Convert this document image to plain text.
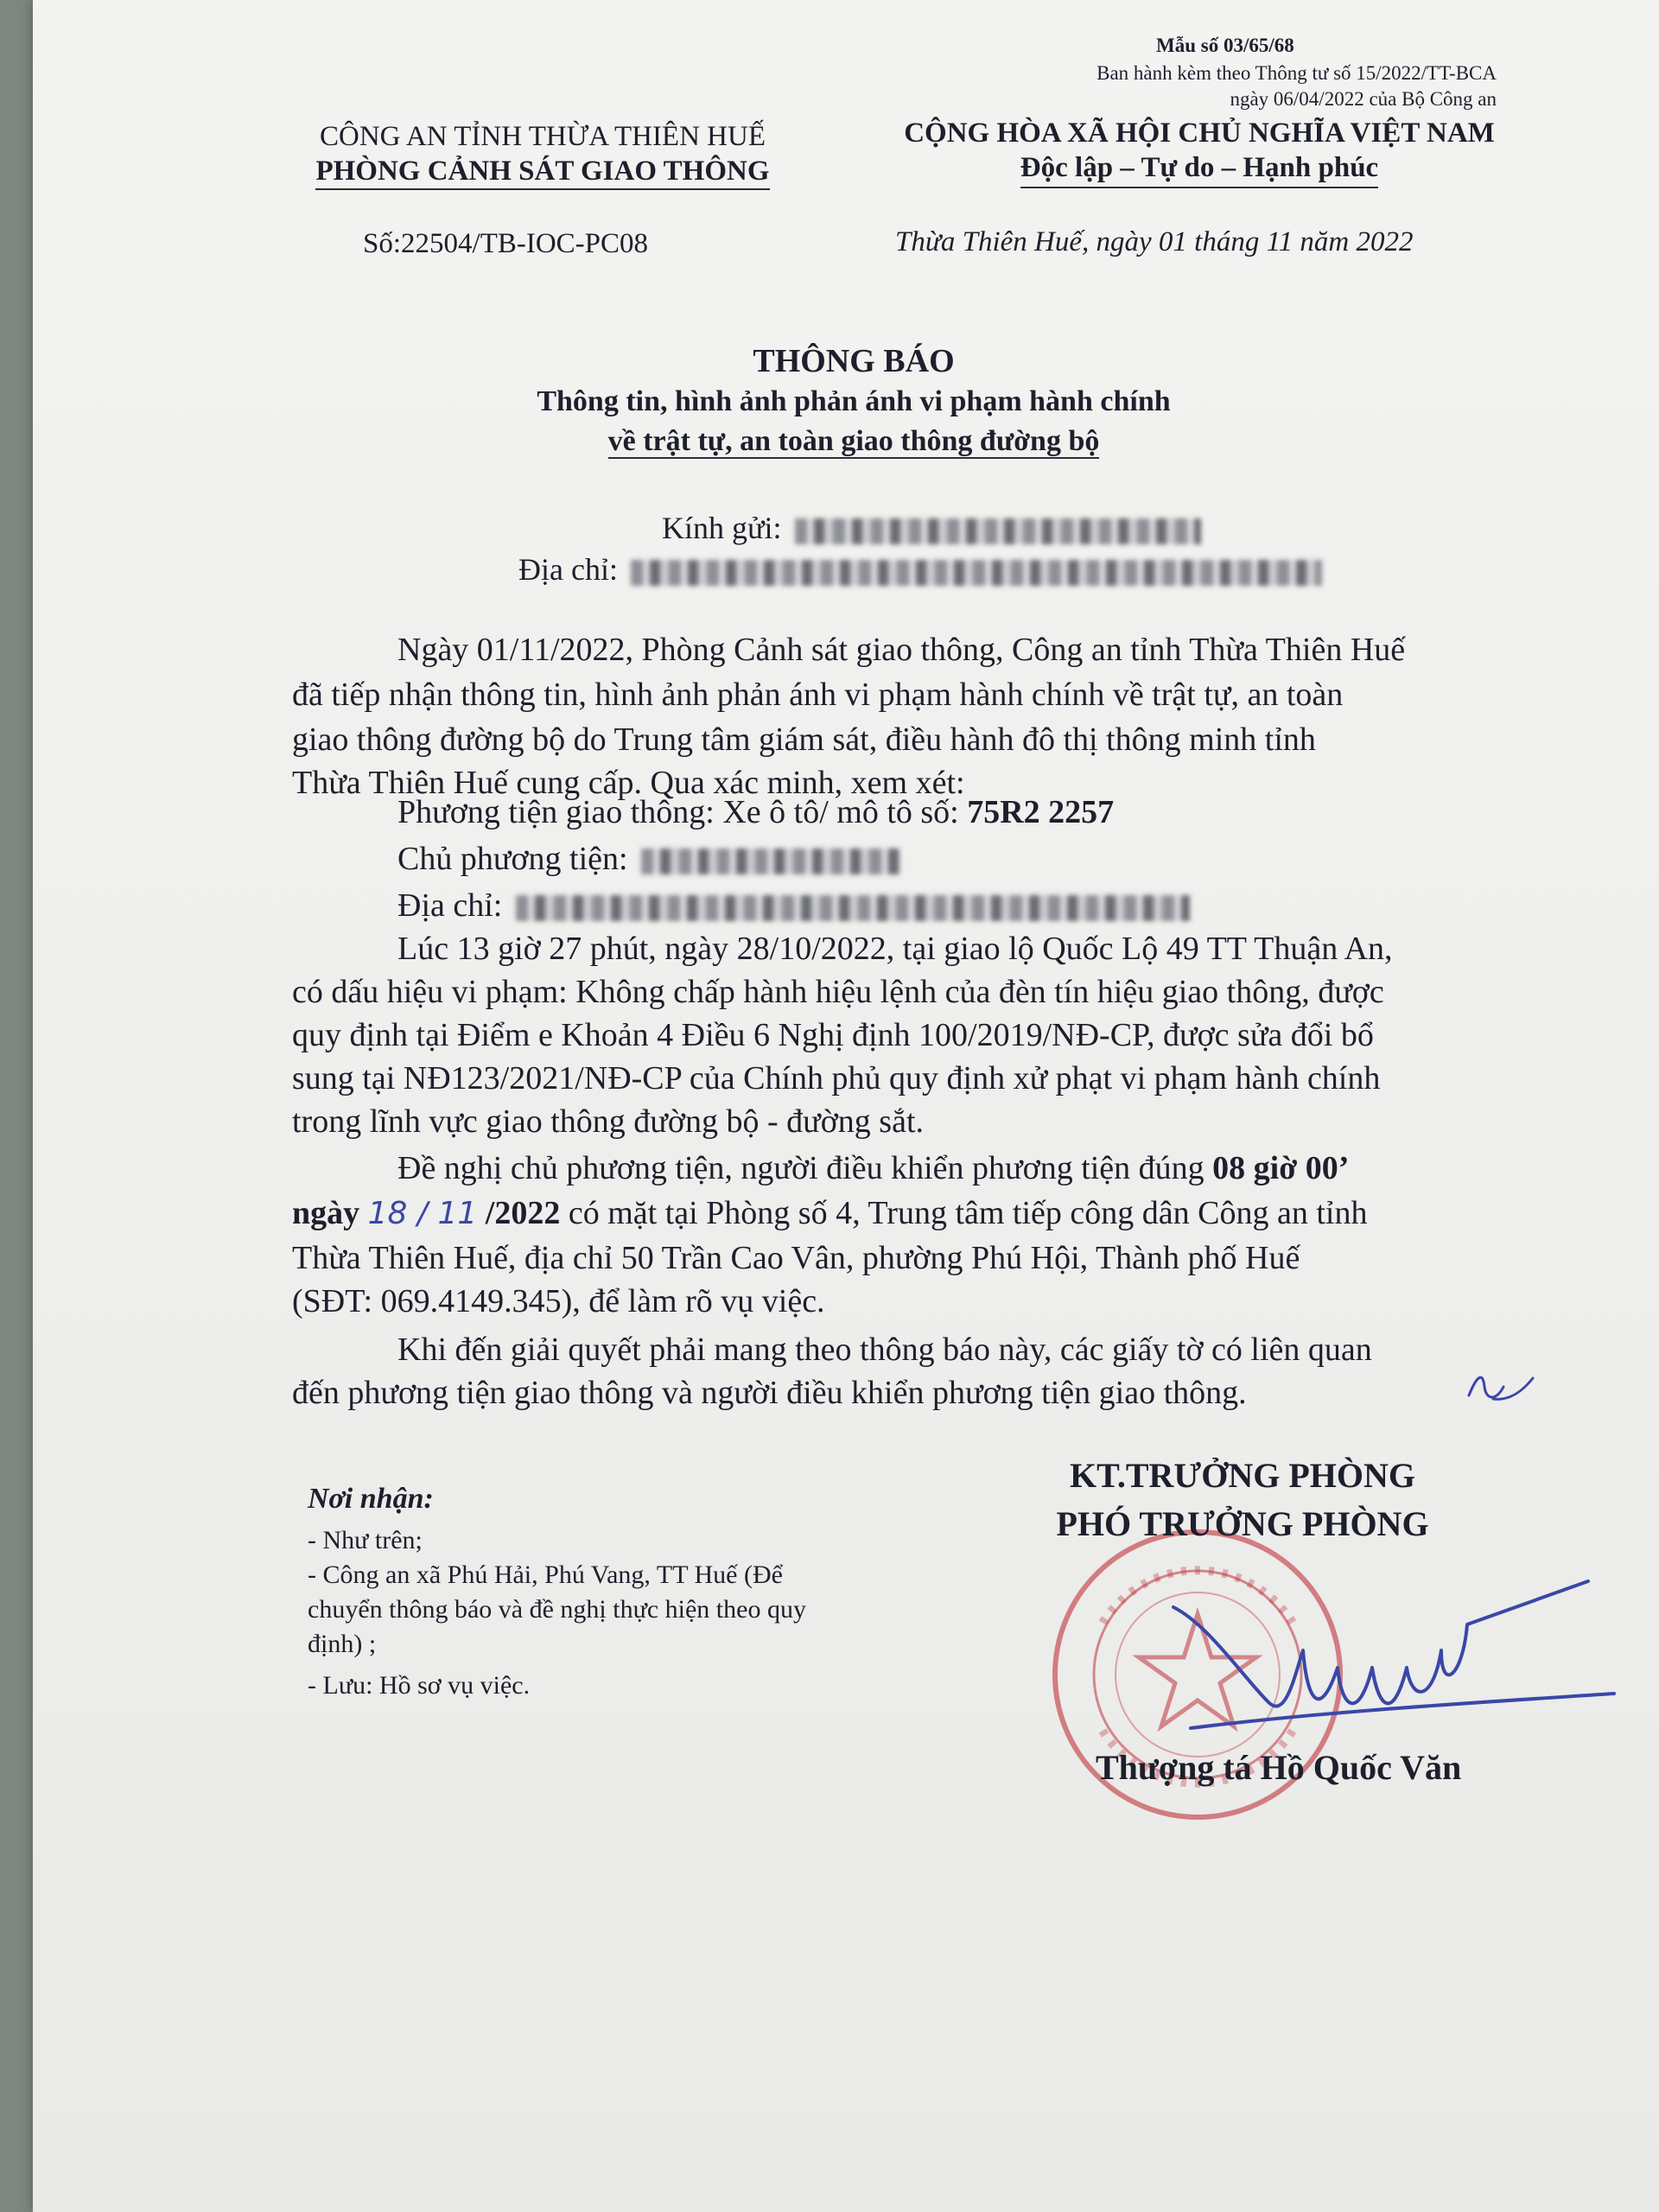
Mẫu số 03/65/68
Ban hành kèm theo Thông tư số 15/2022/TT-BCA
ngày 06/04/2022 của Bộ Công an
CÔNG AN TỈNH THỪA THIÊN HUẾ
PHÒNG CẢNH SÁT GIAO THÔNG
CỘNG HÒA XÃ HỘI CHỦ NGHĨA VIỆT NAM
Độc lập – Tự do – Hạnh phúc
Số:22504/TB-IOC-PC08	Thừa Thiên Huế, ngày 01 tháng 11 năm 2022
THÔNG BÁO
Thông tin, hình ảnh phản ánh vi phạm hành chính
về trật tự, an toàn giao thông đường bộ
Kính gửi:
Địa chỉ:
Ngày 01/11/2022, Phòng Cảnh sát giao thông, Công an tỉnh Thừa Thiên Huế
đã tiếp nhận thông tin, hình ảnh phản ánh vi phạm hành chính về trật tự, an toàn
giao thông đường bộ do Trung tâm giám sát, điều hành đô thị thông minh tỉnh
Thừa Thiên Huế cung cấp. Qua xác minh, xem xét:
Phương tiện giao thông: Xe ô tô/ mô tô số: 75R2 2257
Chủ phương tiện:
Địa chỉ:
Lúc 13 giờ 27 phút, ngày 28/10/2022, tại giao lộ Quốc Lộ 49 TT Thuận An,
có dấu hiệu vi phạm: Không chấp hành hiệu lệnh của đèn tín hiệu giao thông, được
quy định tại Điểm e Khoản 4 Điều 6 Nghị định 100/2019/NĐ-CP, được sửa đổi bổ
sung tại NĐ123/2021/NĐ-CP của Chính phủ quy định xử phạt vi phạm hành chính
trong lĩnh vực giao thông đường bộ - đường sắt.
Đề nghị chủ phương tiện, người điều khiển phương tiện đúng 08 giờ 00’
ngày 18 / 11 /2022 có mặt tại Phòng số 4, Trung tâm tiếp công dân Công an tỉnh
Thừa Thiên Huế, địa chỉ 50 Trần Cao Vân, phường Phú Hội, Thành phố Huế
(SĐT: 069.4149.345), để làm rõ vụ việc.
Khi đến giải quyết phải mang theo thông báo này, các giấy tờ có liên quan
đến phương tiện giao thông và người điều khiển phương tiện giao thông.
Nơi nhận:
- Như trên;
- Công an xã Phú Hải, Phú Vang, TT Huế (Để
chuyển thông báo và đề nghị thực hiện theo quy
định) ;
- Lưu: Hồ sơ vụ việc.
KT.TRƯỞNG PHÒNG
PHÓ TRƯỞNG PHÒNG
Thượng tá Hồ Quốc Văn
